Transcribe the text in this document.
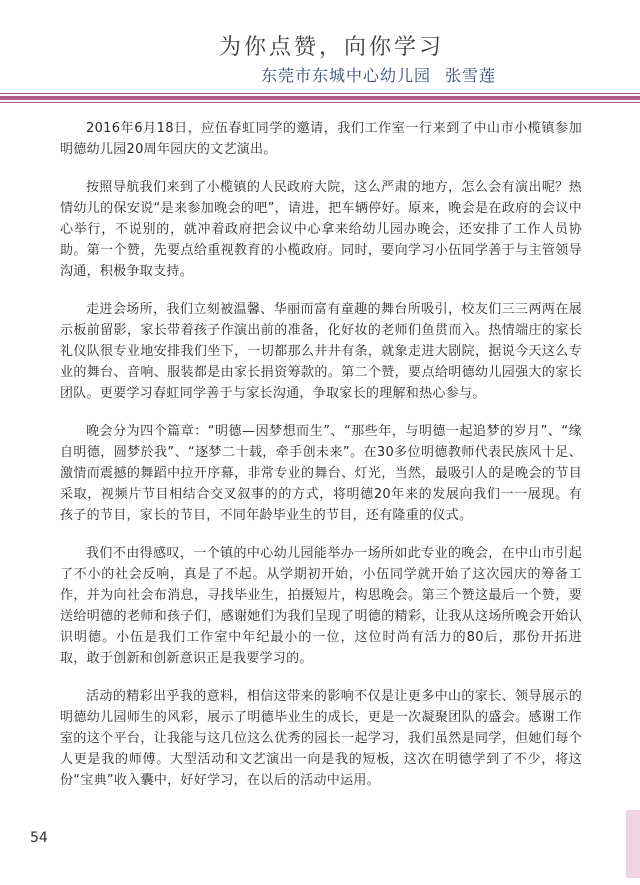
为你点赞，向你学习
东莞市东城中心幼儿园 张雪莲

2016年6月18日，应伍春虹同学的邀请，我们工作室一行来到了中山市小榄镇参加明德幼儿园20周年园庆的文艺演出。

按照导航我们来到了小榄镇的人民政府大院，这么严肃的地方，怎么会有演出呢？热情幼儿的保安说“是来参加晚会的吧”，请进，把车辆停好。原来，晚会是在政府的会议中心举行，不说别的，就冲着政府把会议中心拿来给幼儿园办晚会，还安排了工作人员协助。第一个赞，先要点给重视教育的小榄政府。同时，要向学习小伍同学善于与主管领导沟通，积极争取支持。

走进会场所，我们立刻被温馨、华丽而富有童趣的舞台所吸引，校友们三三两两在展示板前留影，家长带着孩子作演出前的准备，化好妆的老师们鱼贯而入。热情端庄的家长礼仪队很专业地安排我们坐下，一切都那么井井有条，就象走进大剧院，据说今天这么专业的舞台、音响、服装都是由家长捐资筹款的。第二个赞，要点给明德幼儿园强大的家长团队。更要学习春虹同学善于与家长沟通，争取家长的理解和热心参与。

晚会分为四个篇章：“明德—因梦想而生”、“那些年，与明德一起追梦的岁月”、“缘自明德，圆梦於我”、“逐梦二十载，牵手创未来”。在30多位明德教师代表民族风十足、激情而震撼的舞蹈中拉开序幕，非常专业的舞台、灯光，当然，最吸引人的是晚会的节目采取，视频片节目相结合交叉叙事的的方式，将明德20年来的发展向我们一一展现。有孩子的节目，家长的节目，不同年龄毕业生的节目，还有隆重的仪式。

我们不由得感叹，一个镇的中心幼儿园能举办一场所如此专业的晚会，在中山市引起了不小的社会反响，真是了不起。从学期初开始，小伍同学就开始了这次园庆的筹备工作，并为向社会布消息，寻找毕业生，拍摄短片，构思晚会。第三个赞这最后一个赞，要送给明德的老师和孩子们，感谢她们为我们呈现了明德的精彩，让我从这场所晚会开始认识明德。小伍是我们工作室中年纪最小的一位，这位时尚有活力的80后，那份开拓进取，敢于创新和创新意识正是我要学习的。

活动的精彩出乎我的意料，相信这带来的影响不仅是让更多中山的家长、领导展示的明德幼儿园师生的风彩，展示了明德毕业生的成长，更是一次凝聚团队的盛会。感谢工作室的这个平台，让我能与这几位这么优秀的园长一起学习，我们虽然是同学，但她们每个人更是我的师傅。大型活动和文艺演出一向是我的短板，这次在明德学到了不少，将这份“宝典”收入囊中，好好学习，在以后的活动中运用。

54
